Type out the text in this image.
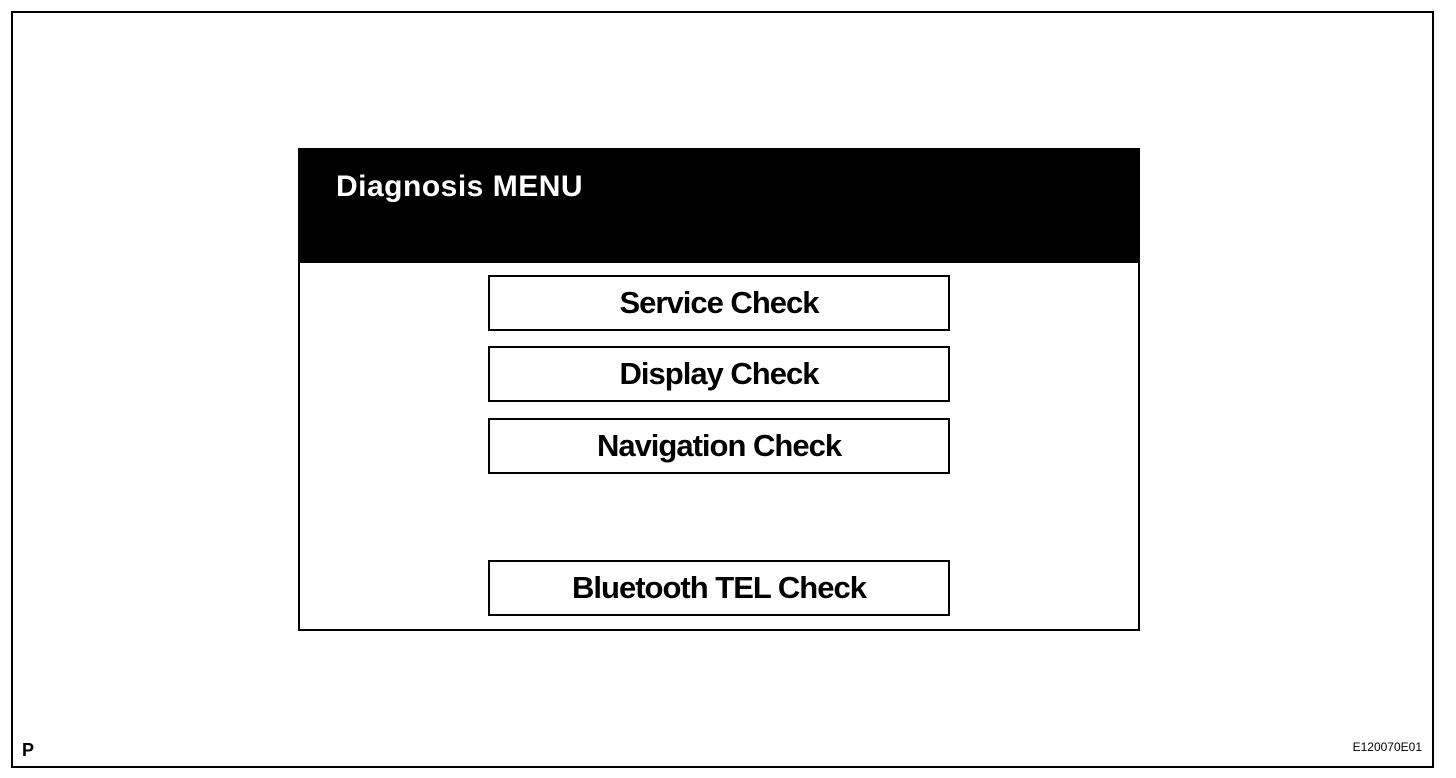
Diagnosis MENU
Service Check
Display Check
Navigation Check
Bluetooth TEL Check
P	E120070E01
